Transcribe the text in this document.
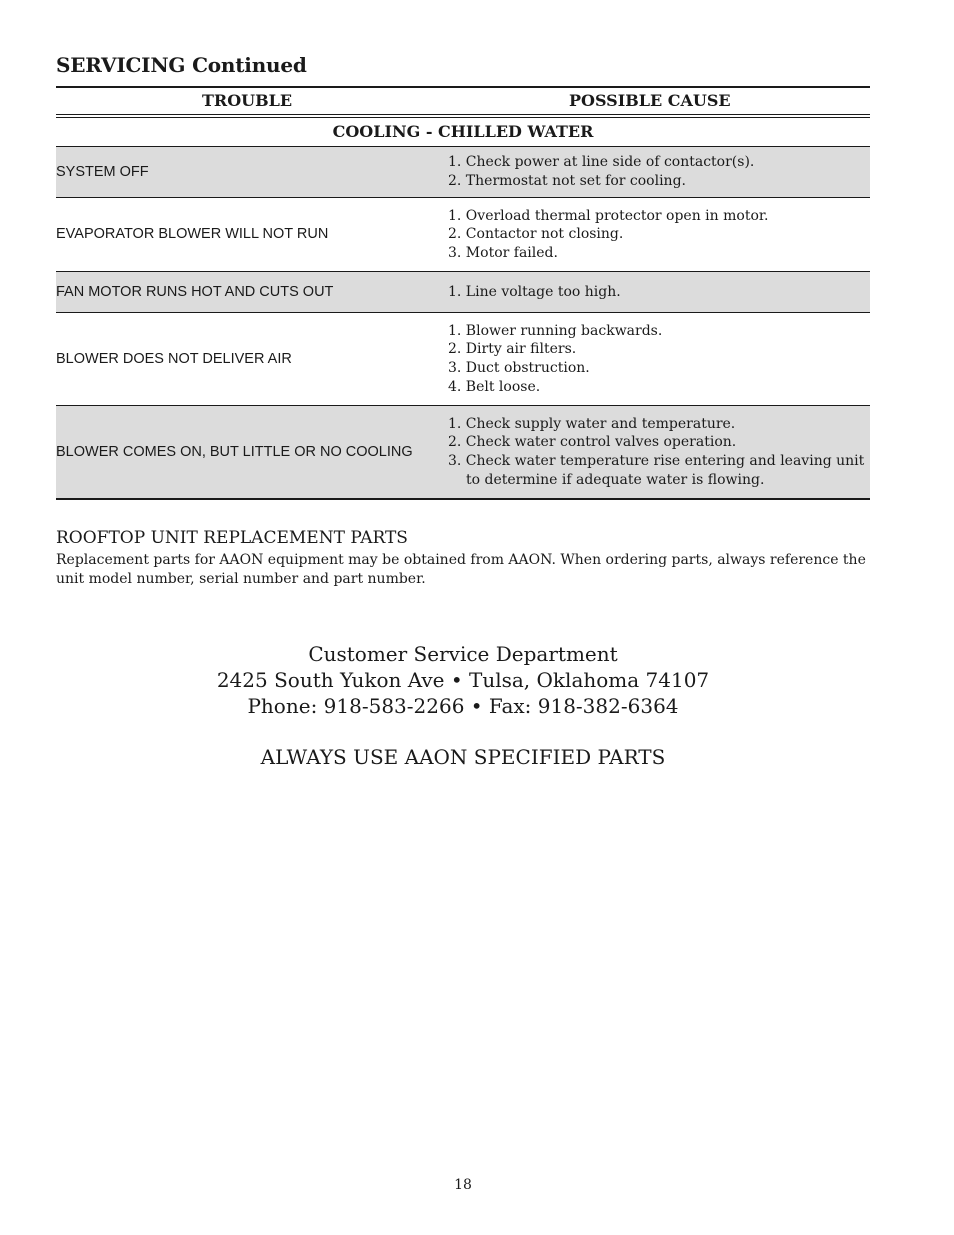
SERVICING Continued
TROUBLE	POSSIBLE CAUSE
COOLING - CHILLED WATER
SYSTEM OFF
1. Check power at line side of contactor(s).
2. Thermostat not set for cooling.
EVAPORATOR BLOWER WILL NOT RUN
1. Overload thermal protector open in motor.
2. Contactor not closing.
3. Motor failed.
FAN MOTOR RUNS HOT AND CUTS OUT	1. Line voltage too high.
BLOWER DOES NOT DELIVER AIR
1. Blower running backwards.
2. Dirty air filters.
3. Duct obstruction.
4. Belt loose.
BLOWER COMES ON, BUT LITTLE OR NO COOLING
1. Check supply water and temperature.
2. Check water control valves operation.
3. Check water temperature rise entering and leaving unit to determine if adequate water is flowing.
ROOFTOP UNIT REPLACEMENT PARTS
Replacement parts for AAON equipment may be obtained from AAON. When ordering parts, always reference the unit model number, serial number and part number.
Customer Service Department
2425 South Yukon Ave • Tulsa, Oklahoma 74107
Phone: 918-583-2266 • Fax: 918-382-6364
ALWAYS USE AAON SPECIFIED PARTS
18
